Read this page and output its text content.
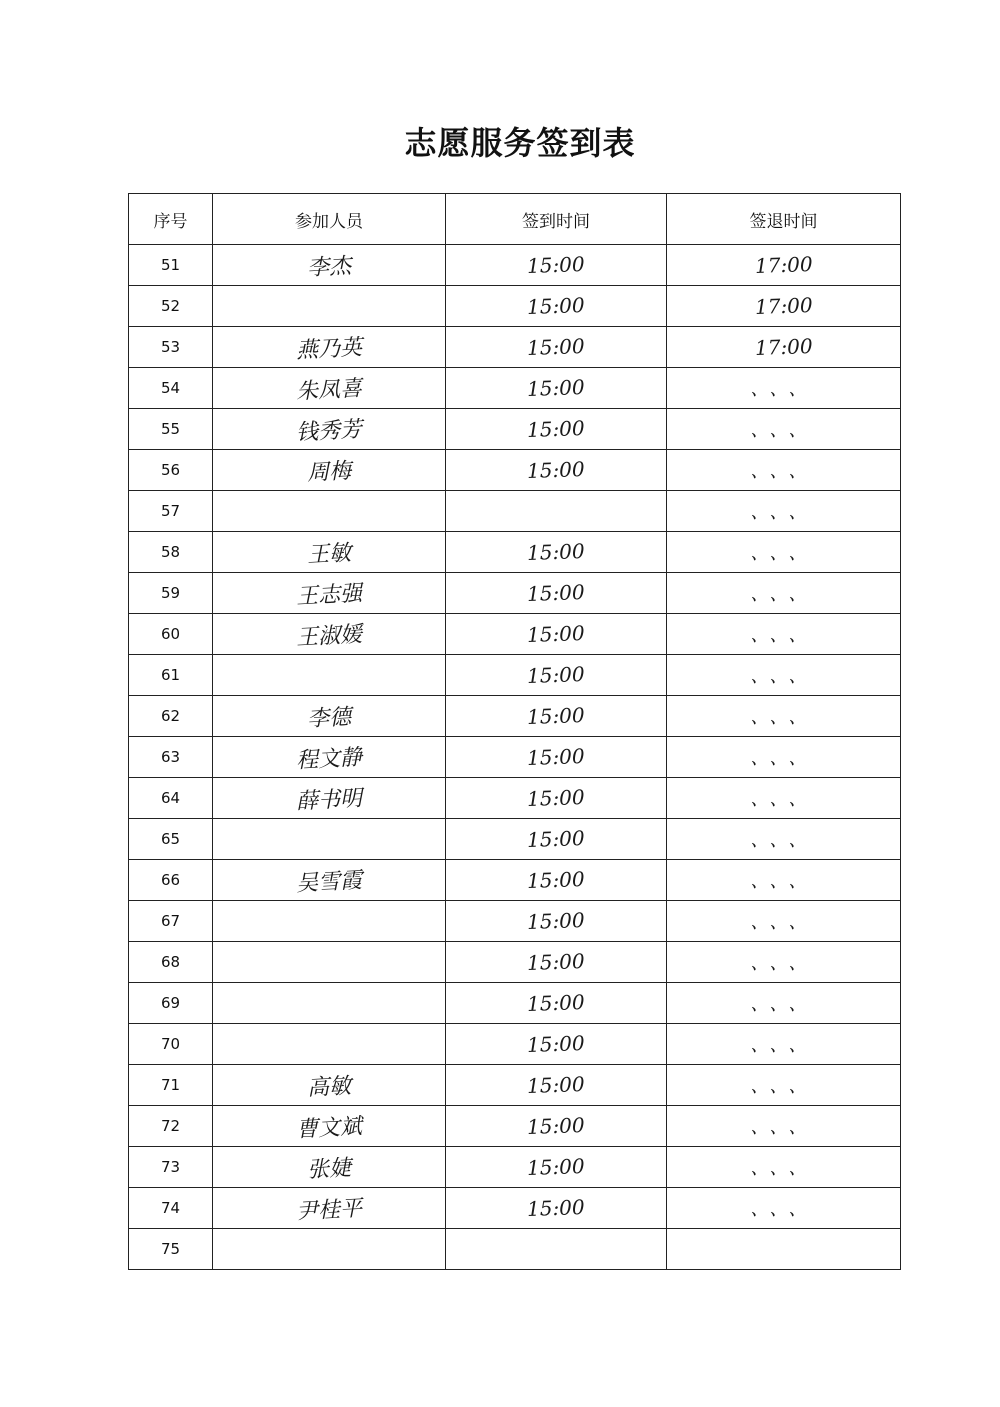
志愿服务签到表
序号	参加人员	签到时间	签退时间
51	李杰	15:00	17:00
52		15:00	17:00
53	燕乃英	15:00	17:00
54	朱凤喜	15:00	、、、
55	钱秀芳	15:00	、、、
56	周梅	15:00	、、、
57			、、、
58	王敏	15:00	、、、
59	王志强	15:00	、、、
60	王淑媛	15:00	、、、
61		15:00	、、、
62	李德	15:00	、、、
63	程文静	15:00	、、、
64	薛书明	15:00	、、、
65		15:00	、、、
66	吴雪霞	15:00	、、、
67		15:00	、、、
68		15:00	、、、
69		15:00	、、、
70		15:00	、、、
71	高敏	15:00	、、、
72	曹文斌	15:00	、、、
73	张婕	15:00	、、、
74	尹桂平	15:00	、、、
75			
